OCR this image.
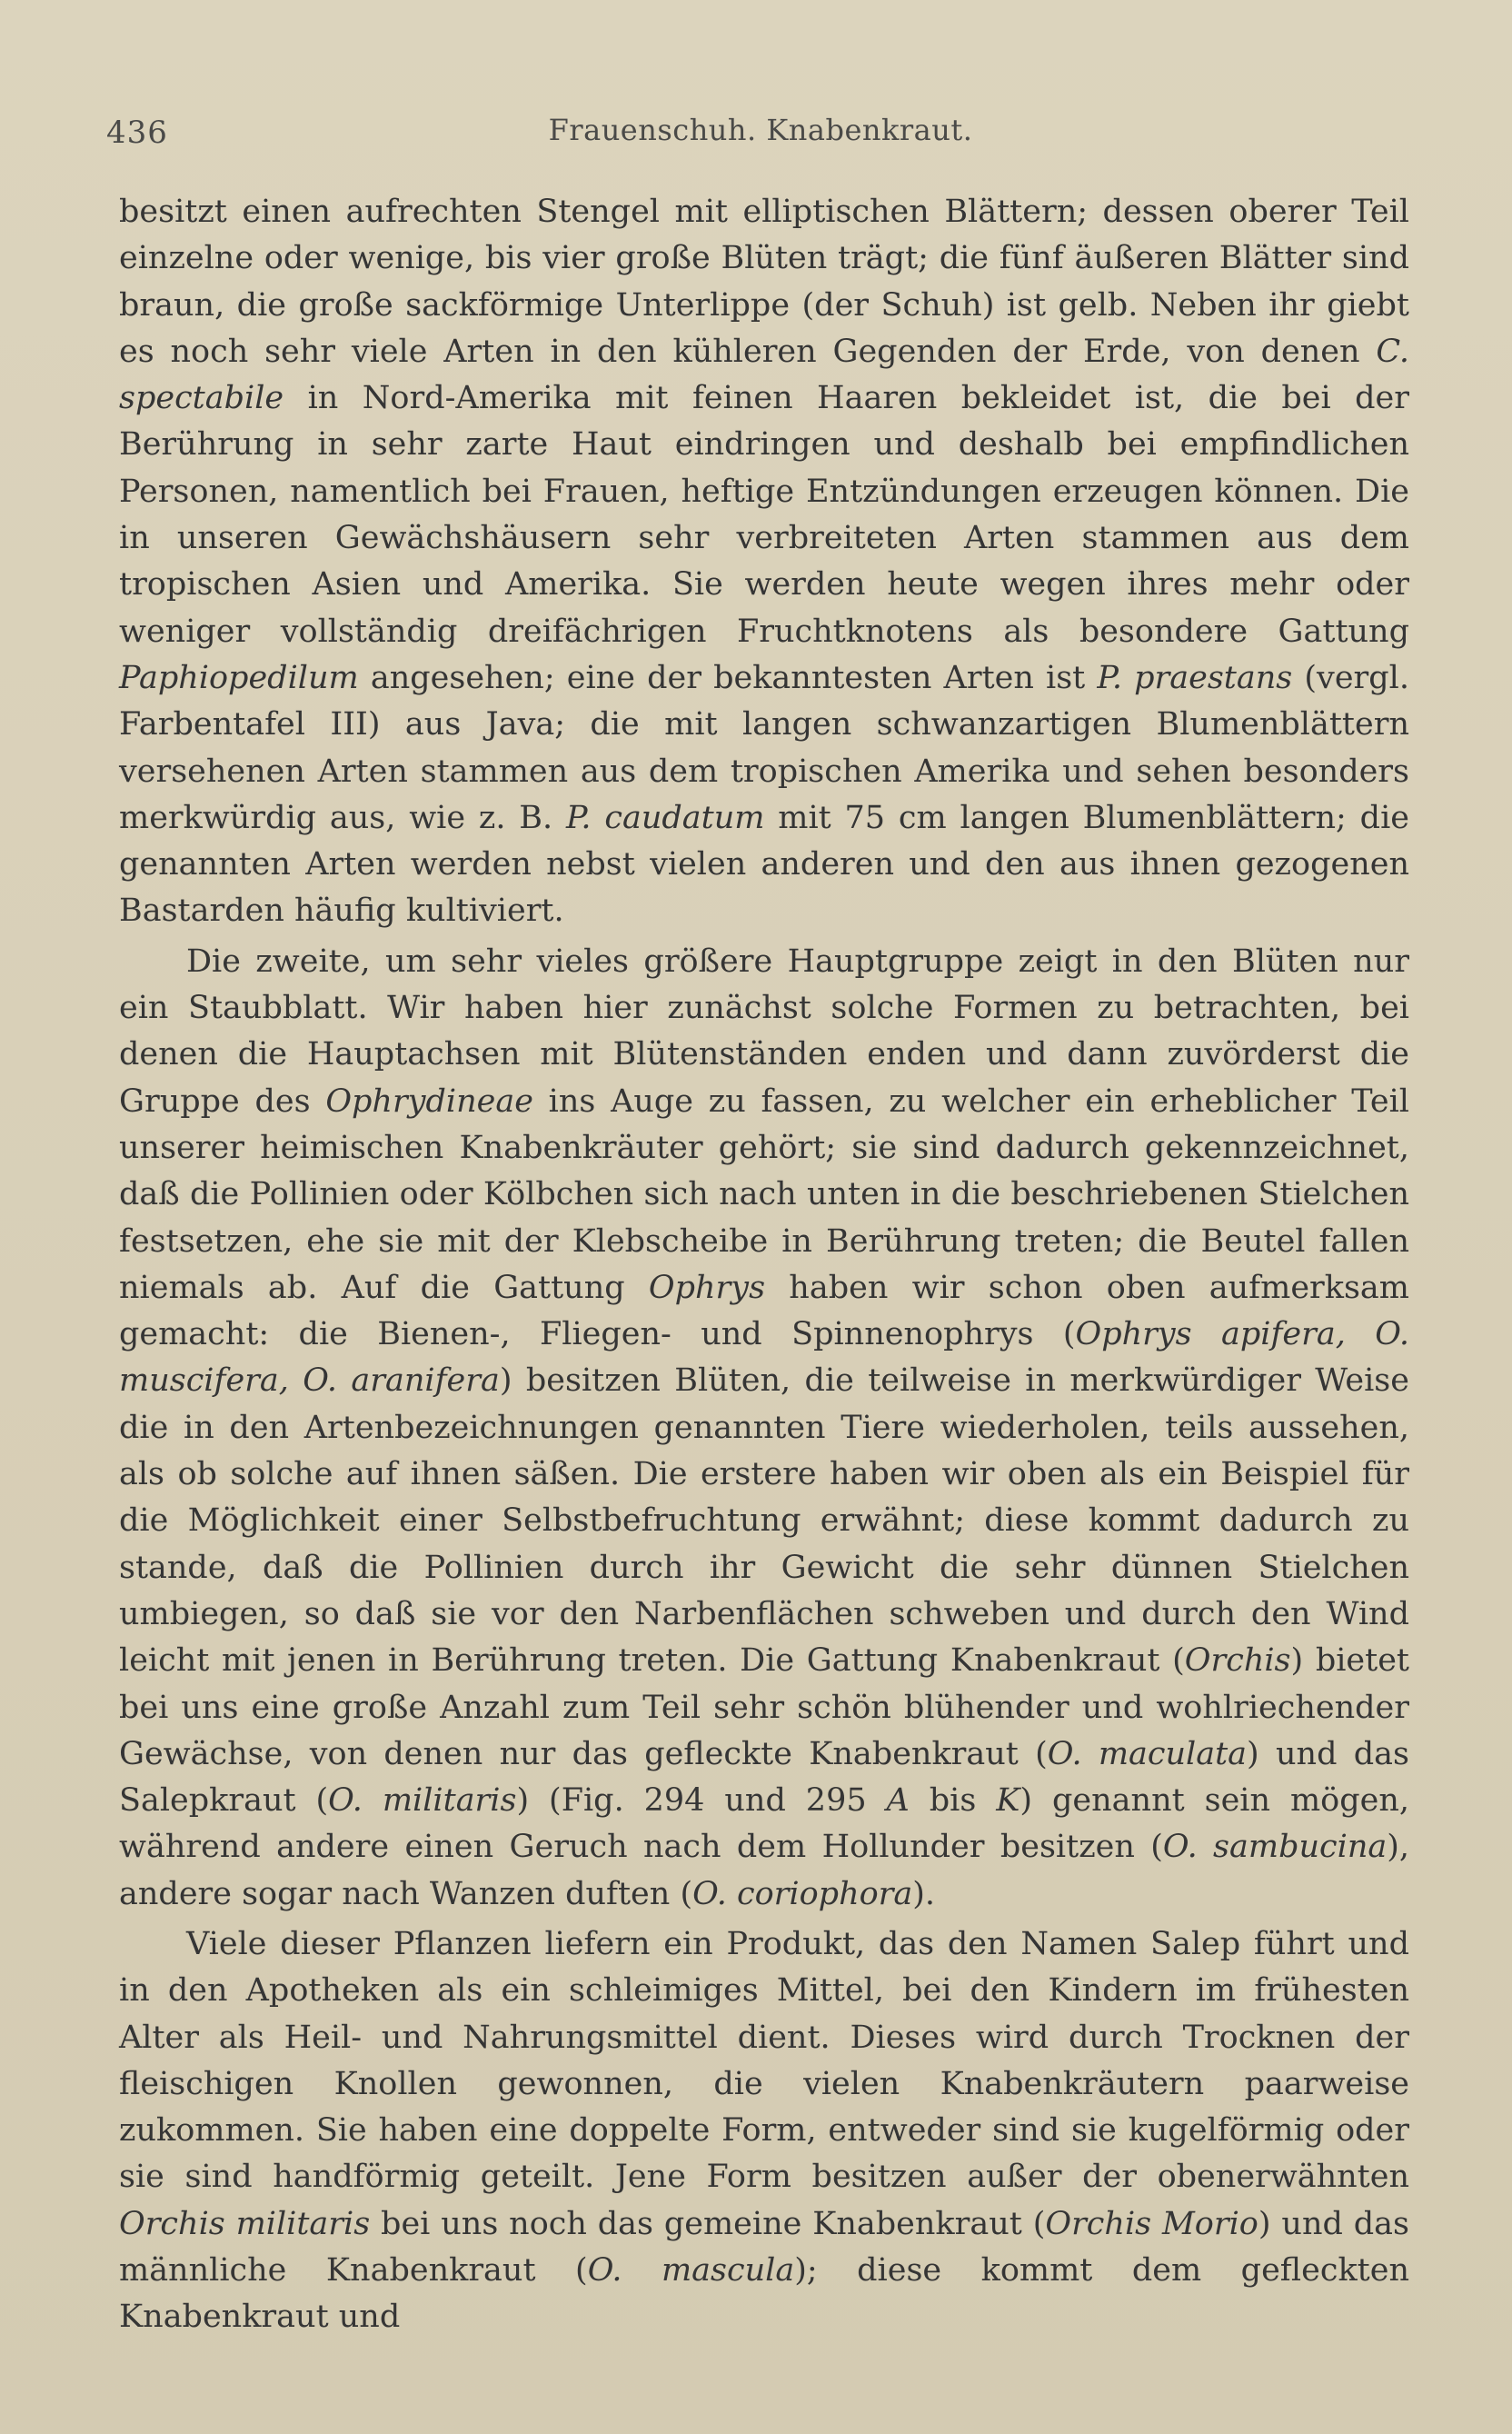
436	Frauenschuh. Knabenkraut.

besitzt einen aufrechten Stengel mit elliptischen Blättern; dessen oberer Teil einzelne oder wenige, bis vier große Blüten trägt; die fünf äußeren Blätter sind braun, die große sackförmige Unterlippe (der Schuh) ist gelb. Neben ihr giebt es noch sehr viele Arten in den kühleren Gegenden der Erde, von denen C. spectabile in Nord-Amerika mit feinen Haaren bekleidet ist, die bei der Berührung in sehr zarte Haut eindringen und deshalb bei empfindlichen Personen, namentlich bei Frauen, heftige Entzündungen erzeugen können. Die in unseren Gewächshäusern sehr verbreiteten Arten stammen aus dem tropischen Asien und Amerika. Sie werden heute wegen ihres mehr oder weniger vollständig dreifächrigen Fruchtknotens als besondere Gattung Paphiopedilum angesehen; eine der bekanntesten Arten ist P. praestans (vergl. Farbentafel III) aus Java; die mit langen schwanzartigen Blumenblättern versehenen Arten stammen aus dem tropischen Amerika und sehen besonders merkwürdig aus, wie z. B. P. caudatum mit 75 cm langen Blumenblättern; die genannten Arten werden nebst vielen anderen und den aus ihnen gezogenen Bastarden häufig kultiviert.

Die zweite, um sehr vieles größere Hauptgruppe zeigt in den Blüten nur ein Staubblatt. Wir haben hier zunächst solche Formen zu betrachten, bei denen die Hauptachsen mit Blütenständen enden und dann zuvörderst die Gruppe des Ophrydineae ins Auge zu fassen, zu welcher ein erheblicher Teil unserer heimischen Knabenkräuter gehört; sie sind dadurch gekennzeichnet, daß die Pollinien oder Kölbchen sich nach unten in die beschriebenen Stielchen festsetzen, ehe sie mit der Klebscheibe in Berührung treten; die Beutel fallen niemals ab. Auf die Gattung Ophrys haben wir schon oben aufmerksam gemacht: die Bienen-, Fliegen- und Spinnenophrys (Ophrys apifera, O. muscifera, O. aranifera) besitzen Blüten, die teilweise in merkwürdiger Weise die in den Artenbezeichnungen genannten Tiere wiederholen, teils aussehen, als ob solche auf ihnen säßen. Die erstere haben wir oben als ein Beispiel für die Möglichkeit einer Selbstbefruchtung erwähnt; diese kommt dadurch zu stande, daß die Pollinien durch ihr Gewicht die sehr dünnen Stielchen umbiegen, so daß sie vor den Narbenflächen schweben und durch den Wind leicht mit jenen in Berührung treten. Die Gattung Knabenkraut (Orchis) bietet bei uns eine große Anzahl zum Teil sehr schön blühender und wohlriechender Gewächse, von denen nur das gefleckte Knabenkraut (O. maculata) und das Salepkraut (O. militaris) (Fig. 294 und 295 A bis K) genannt sein mögen, während andere einen Geruch nach dem Hollunder besitzen (O. sambucina), andere sogar nach Wanzen duften (O. coriophora).

Viele dieser Pflanzen liefern ein Produkt, das den Namen Salep führt und in den Apotheken als ein schleimiges Mittel, bei den Kindern im frühesten Alter als Heil- und Nahrungsmittel dient. Dieses wird durch Trocknen der fleischigen Knollen gewonnen, die vielen Knabenkräutern paarweise zukommen. Sie haben eine doppelte Form, entweder sind sie kugelförmig oder sie sind handförmig geteilt. Jene Form besitzen außer der obenerwähnten Orchis militaris bei uns noch das gemeine Knabenkraut (Orchis Morio) und das männliche Knabenkraut (O. mascula); diese kommt dem gefleckten Knabenkraut und
